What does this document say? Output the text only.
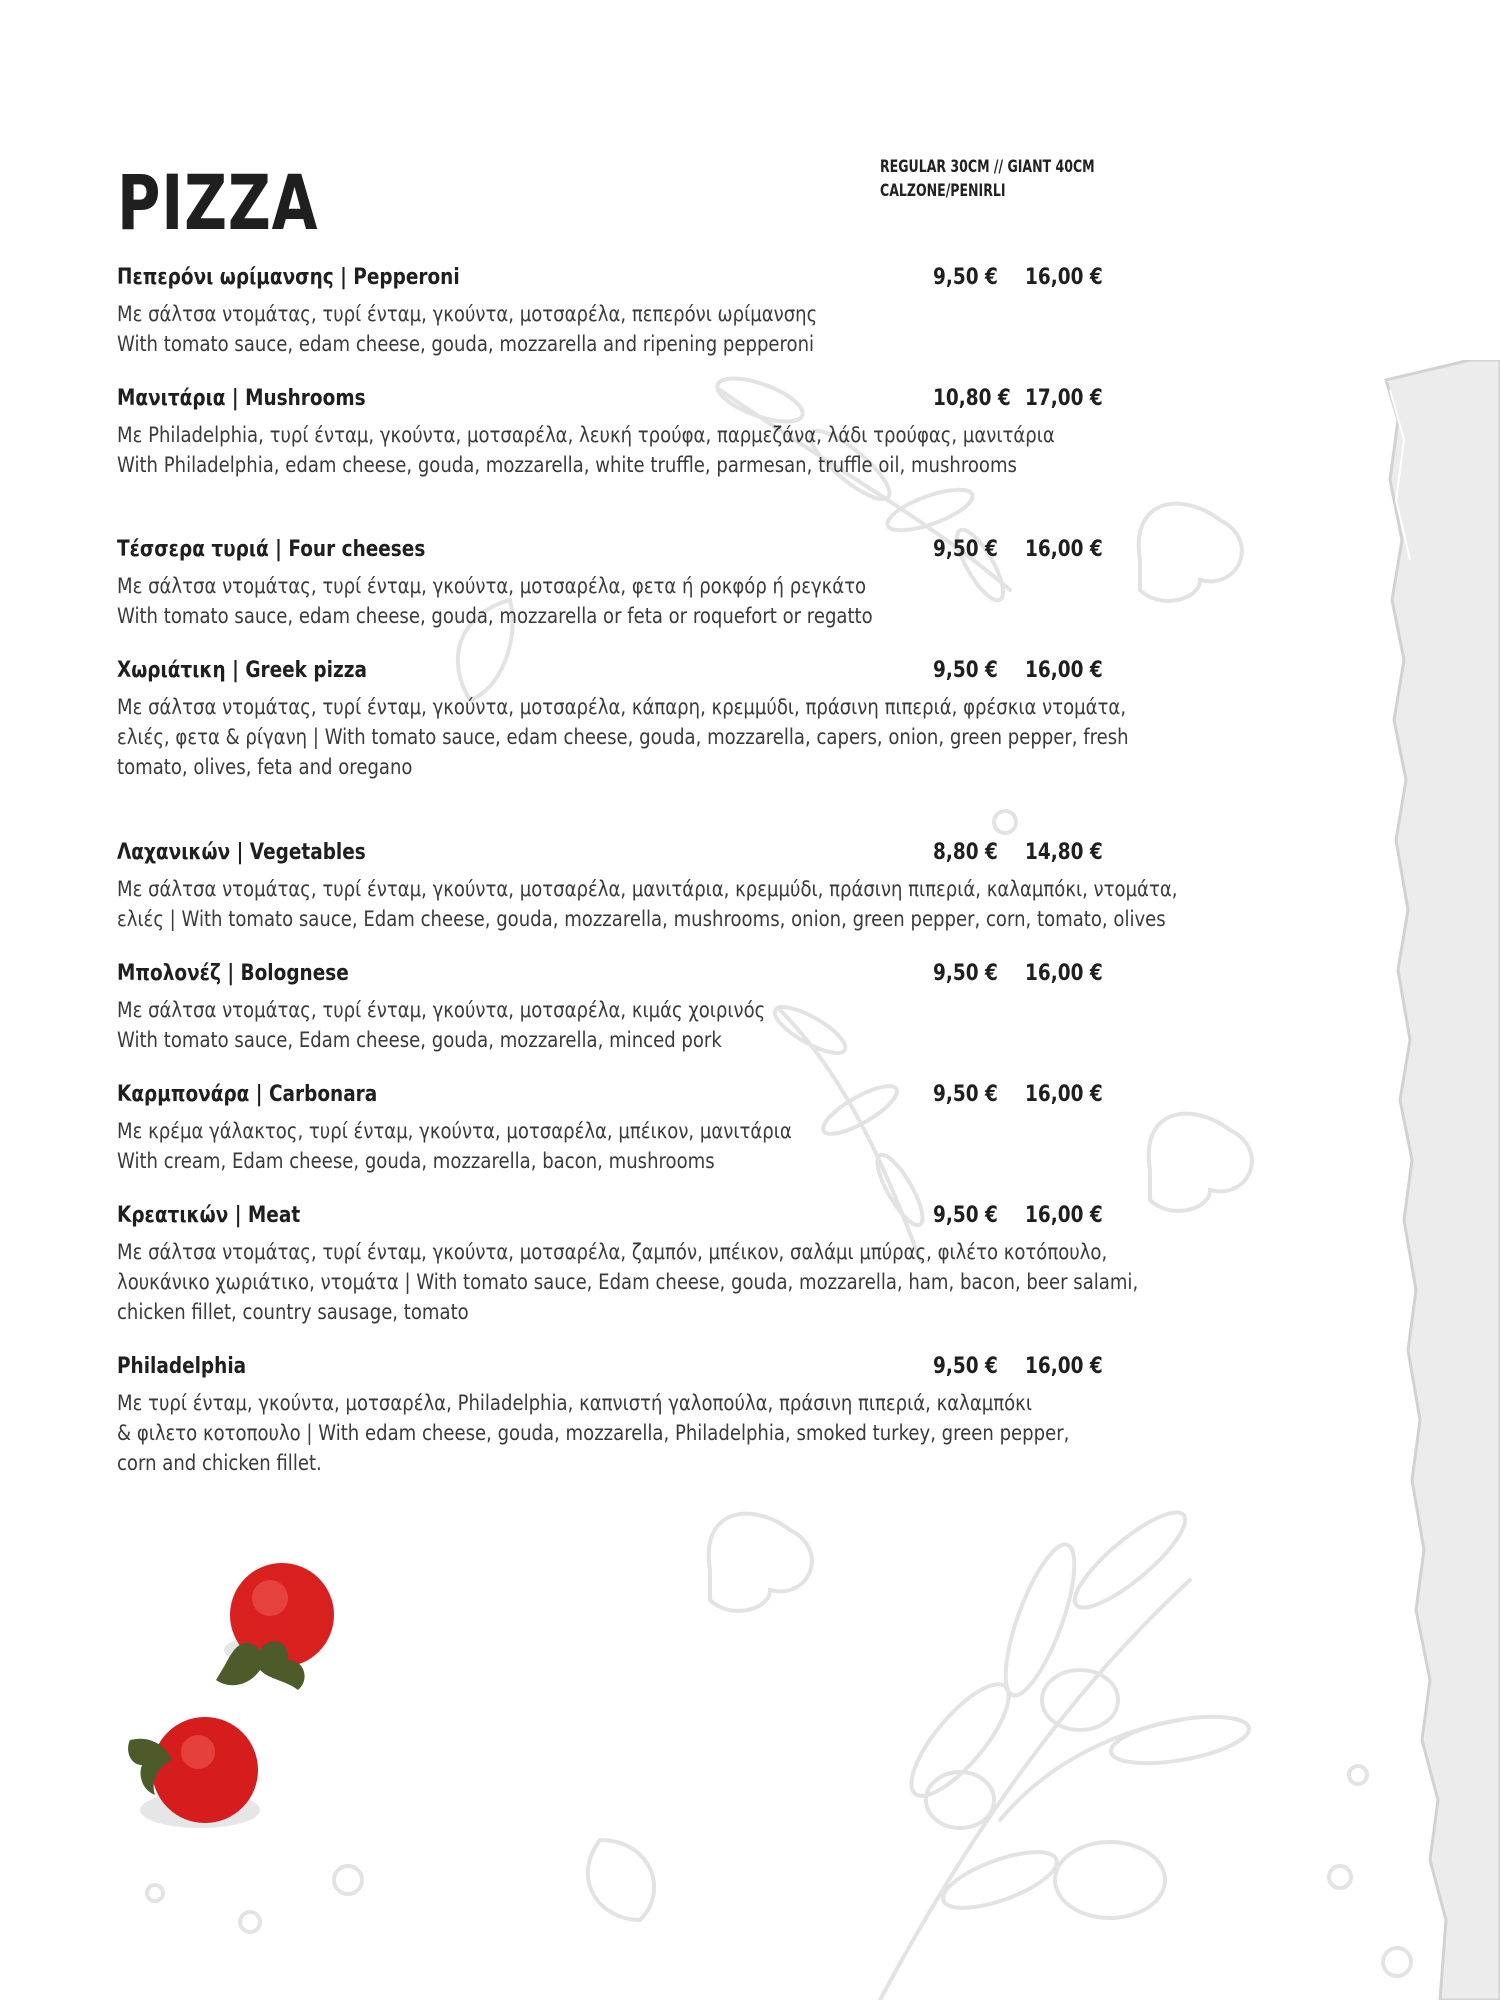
PIZZA	REGULAR 30CM // GIANT 40CM
CALZONE/PENIRLI
Πεπερόνι ωρίμανσης | Pepperoni	9,50 € 16,00 €

Με σάλτσα ντομάτας, τυρί ένταμ, γκούντα, μοτσαρέλα, πεπερόνι ωρίμανσης

With tomato sauce, edam cheese, gouda, mozzarella and ripening pepperoni

Μανιτάρια | Mushrooms	10,80 € 17,00 €

Με Philadelphia, τυρί ένταμ, γκούντα, μοτσαρέλα, λευκή τρούφα, παρμεζάνα, λάδι τρούφας, μανιτάρια

With Philadelphia, edam cheese, gouda, mozzarella, white truffle, parmesan, truffle oil, mushrooms

Τέσσερα τυριά | Four cheeses	9,50 € 16,00 €

Με σάλτσα ντομάτας, τυρί ένταμ, γκούντα, μοτσαρέλα, φετα ή ροκφόρ ή ρεγκάτο

With tomato sauce, edam cheese, gouda, mozzarella or feta or roquefort or regatto

Χωριάτικη | Greek pizza	9,50 € 16,00 €

Με σάλτσα ντομάτας, τυρί ένταμ, γκούντα, μοτσαρέλα, κάπαρη, κρεμμύδι, πράσινη πιπεριά, φρέσκια ντομάτα,

ελιές, φετα & ρίγανη | With tomato sauce, edam cheese, gouda, mozzarella, capers, onion, green pepper, fresh

tomato, olives, feta and oregano

Λαχανικών | Vegetables	8,80 € 14,80 €

Με σάλτσα ντομάτας, τυρί ένταμ, γκούντα, μοτσαρέλα, μανιτάρια, κρεμμύδι, πράσινη πιπεριά, καλαμπόκι, ντομάτα,

ελιές | With tomato sauce, Edam cheese, gouda, mozzarella, mushrooms, onion, green pepper, corn, tomato, olives

Μπολονέζ | Bolognese	9,50 € 16,00 €

Με σάλτσα ντομάτας, τυρί ένταμ, γκούντα, μοτσαρέλα, κιμάς χοιρινός

With tomato sauce, Edam cheese, gouda, mozzarella, minced pork

Καρμπονάρα | Carbonara	9,50 € 16,00 €

Με κρέμα γάλακτος, τυρί ένταμ, γκούντα, μοτσαρέλα, μπέικον, μανιτάρια

With cream, Edam cheese, gouda, mozzarella, bacon, mushrooms

Κρεατικών | Meat	9,50 € 16,00 €

Με σάλτσα ντομάτας, τυρί ένταμ, γκούντα, μοτσαρέλα, ζαμπόν, μπέικον, σαλάμι μπύρας, φιλέτο κοτόπουλο,

λουκάνικο χωριάτικο, ντομάτα | With tomato sauce, Edam cheese, gouda, mozzarella, ham, bacon, beer salami,

chicken fillet, country sausage, tomato

Philadelphia	9,50 € 16,00 €

Με τυρί ένταμ, γκούντα, μοτσαρέλα, Philadelphia, καπνιστή γαλοπούλα, πράσινη πιπεριά, καλαμπόκι

& φιλετο κοτοπουλο | With edam cheese, gouda, mozzarella, Philadelphia, smoked turkey, green pepper,

corn and chicken fillet.
